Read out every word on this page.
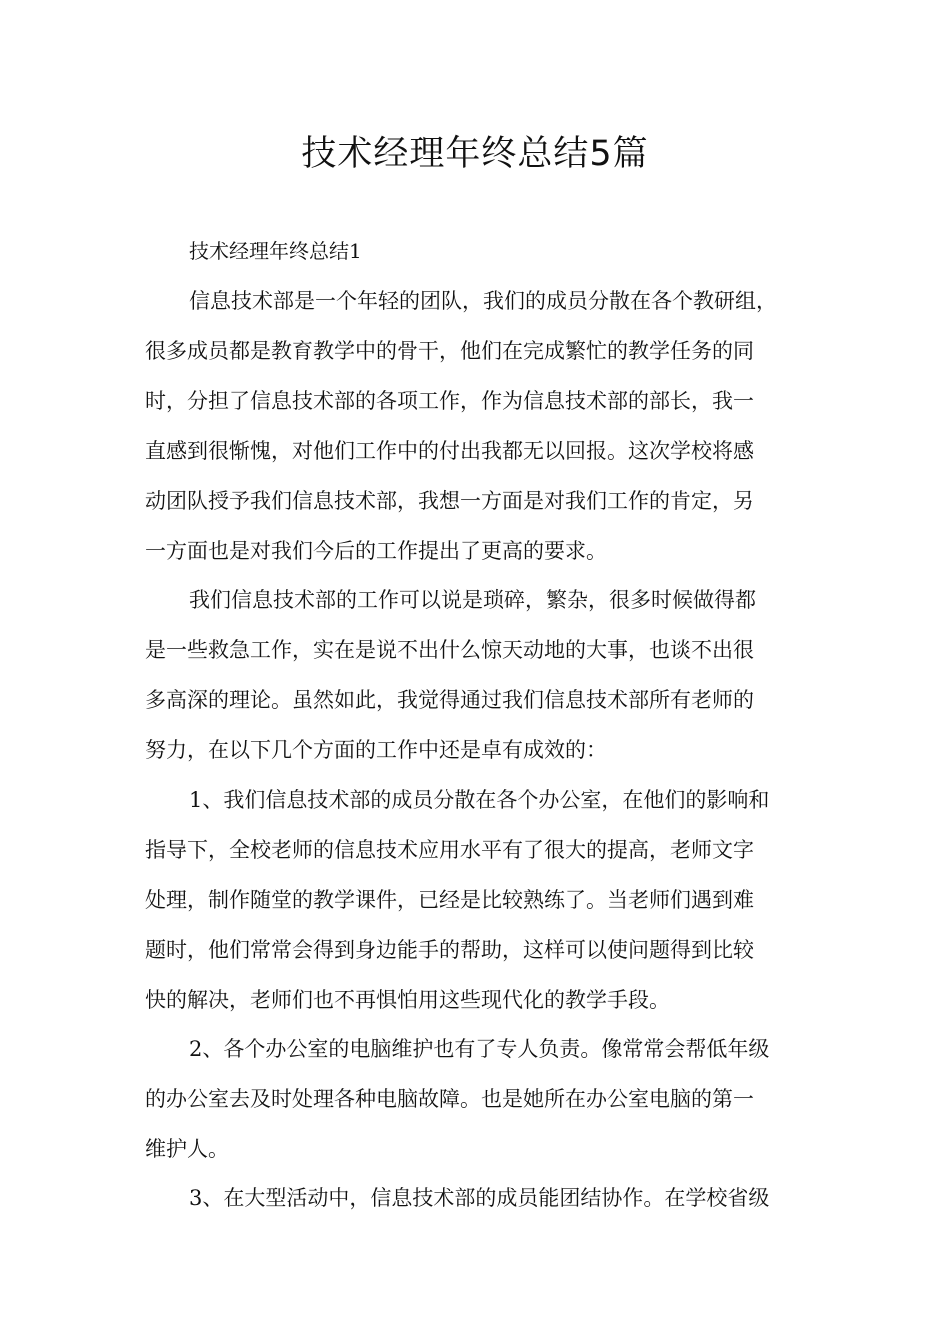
技术经理年终总结5篇

技术经理年终总结1

信息技术部是一个年轻的团队，我们的成员分散在各个教研组，
很多成员都是教育教学中的骨干，他们在完成繁忙的教学任务的同
时，分担了信息技术部的各项工作，作为信息技术部的部长，我一
直感到很惭愧，对他们工作中的付出我都无以回报。这次学校将感
动团队授予我们信息技术部，我想一方面是对我们工作的肯定，另
一方面也是对我们今后的工作提出了更高的要求。
我们信息技术部的工作可以说是琐碎，繁杂，很多时候做得都
是一些救急工作，实在是说不出什么惊天动地的大事，也谈不出很
多高深的理论。虽然如此，我觉得通过我们信息技术部所有老师的
努力，在以下几个方面的工作中还是卓有成效的：
1、我们信息技术部的成员分散在各个办公室，在他们的影响和
指导下，全校老师的信息技术应用水平有了很大的提高，老师文字
处理，制作随堂的教学课件，已经是比较熟练了。当老师们遇到难
题时，他们常常会得到身边能手的帮助，这样可以使问题得到比较
快的解决，老师们也不再惧怕用这些现代化的教学手段。
2、各个办公室的电脑维护也有了专人负责。像常常会帮低年级
的办公室去及时处理各种电脑故障。也是她所在办公室电脑的第一
维护人。
3、在大型活动中，信息技术部的成员能团结协作。在学校省级
